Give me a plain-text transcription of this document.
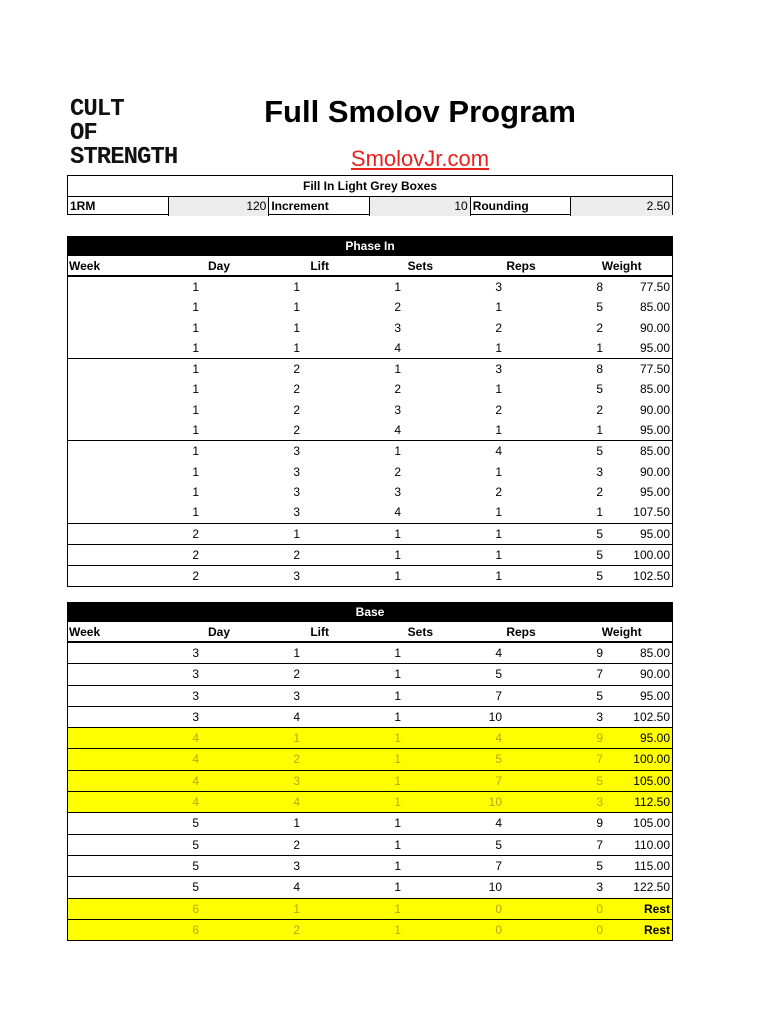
CULT
OF
STRENGTH
Full Smolov Program
SmolovJr.com
Fill In Light Grey Boxes
1RM	120 Increment	10 Rounding	2.50
Phase In
Week	Day	Lift	Sets	Reps	Weight
1	1	1	3	8	77.50
1	1	2	1	5	85.00
1	1	3	2	2	90.00
1	1	4	1	1	95.00
1	2	1	3	8	77.50
1	2	2	1	5	85.00
1	2	3	2	2	90.00
1	2	4	1	1	95.00
1	3	1	4	5	85.00
1	3	2	1	3	90.00
1	3	3	2	2	95.00
1	3	4	1	1	107.50
2	1	1	1	5	95.00
2	2	1	1	5	100.00
2	3	1	1	5	102.50
Base
Week	Day	Lift	Sets	Reps	Weight
3	1	1	4	9	85.00
3	2	1	5	7	90.00
3	3	1	7	5	95.00
3	4	1	10	3	102.50
4	1	1	4	9	95.00
4	2	1	5	7	100.00
4	3	1	7	5	105.00
4	4	1	10	3	112.50
5	1	1	4	9	105.00
5	2	1	5	7	110.00
5	3	1	7	5	115.00
5	4	1	10	3	122.50
6	1	1	0	0	Rest
6	2	1	0	0	Rest
